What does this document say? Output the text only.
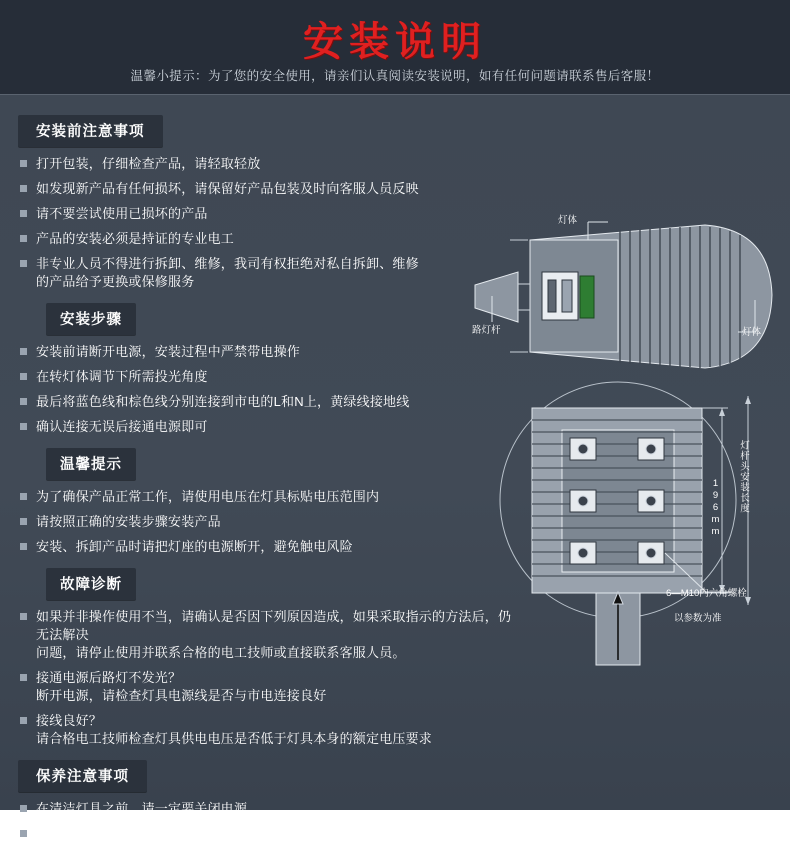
安装说明
温馨小提示：为了您的安全使用，请亲们认真阅读安装说明，如有任何问题请联系售后客服！
安装前注意事项
打开包装，仔细检查产品，请轻取轻放
如发现新产品有任何损坏，请保留好产品包装及时向客服人员反映
请不要尝试使用已损坏的产品
产品的安装必须是持证的专业电工
非专业人员不得进行拆卸、维修，我司有权拒绝对私自拆卸、维修
的产品给予更换或保修服务
安装步骤
安装前请断开电源，安装过程中严禁带电操作
在转灯体调节下所需投光角度
最后将蓝色线和棕色线分别连接到市电的L和N上，黄绿线接地线
确认连接无误后接通电源即可
温馨提示
为了确保产品正常工作，请使用电压在灯具标贴电压范围内
请按照正确的安装步骤安装产品
安装、拆卸产品时请把灯座的电源断开，避免触电风险
故障诊断
如果并非操作使用不当，请确认是否因下列原因造成，如果采取指示的方法后，仍无法解决
问题，请停止使用并联系合格的电工技师或直接联系客服人员。
接通电源后路灯不发光？
断开电源，请检查灯具电源线是否与市电连接良好
接线良好？
请合格电工技师检查灯具供电电压是否低于灯具本身的额定电压要求
保养注意事项
在清洁灯具之前，请一定要关闭电源
不要使用化学物品或有腐蚀性的东西去清洁
灯体
灯体
路灯杆
196mm 灯杆头安装长度
6—M10内六角螺栓
以参数为准
